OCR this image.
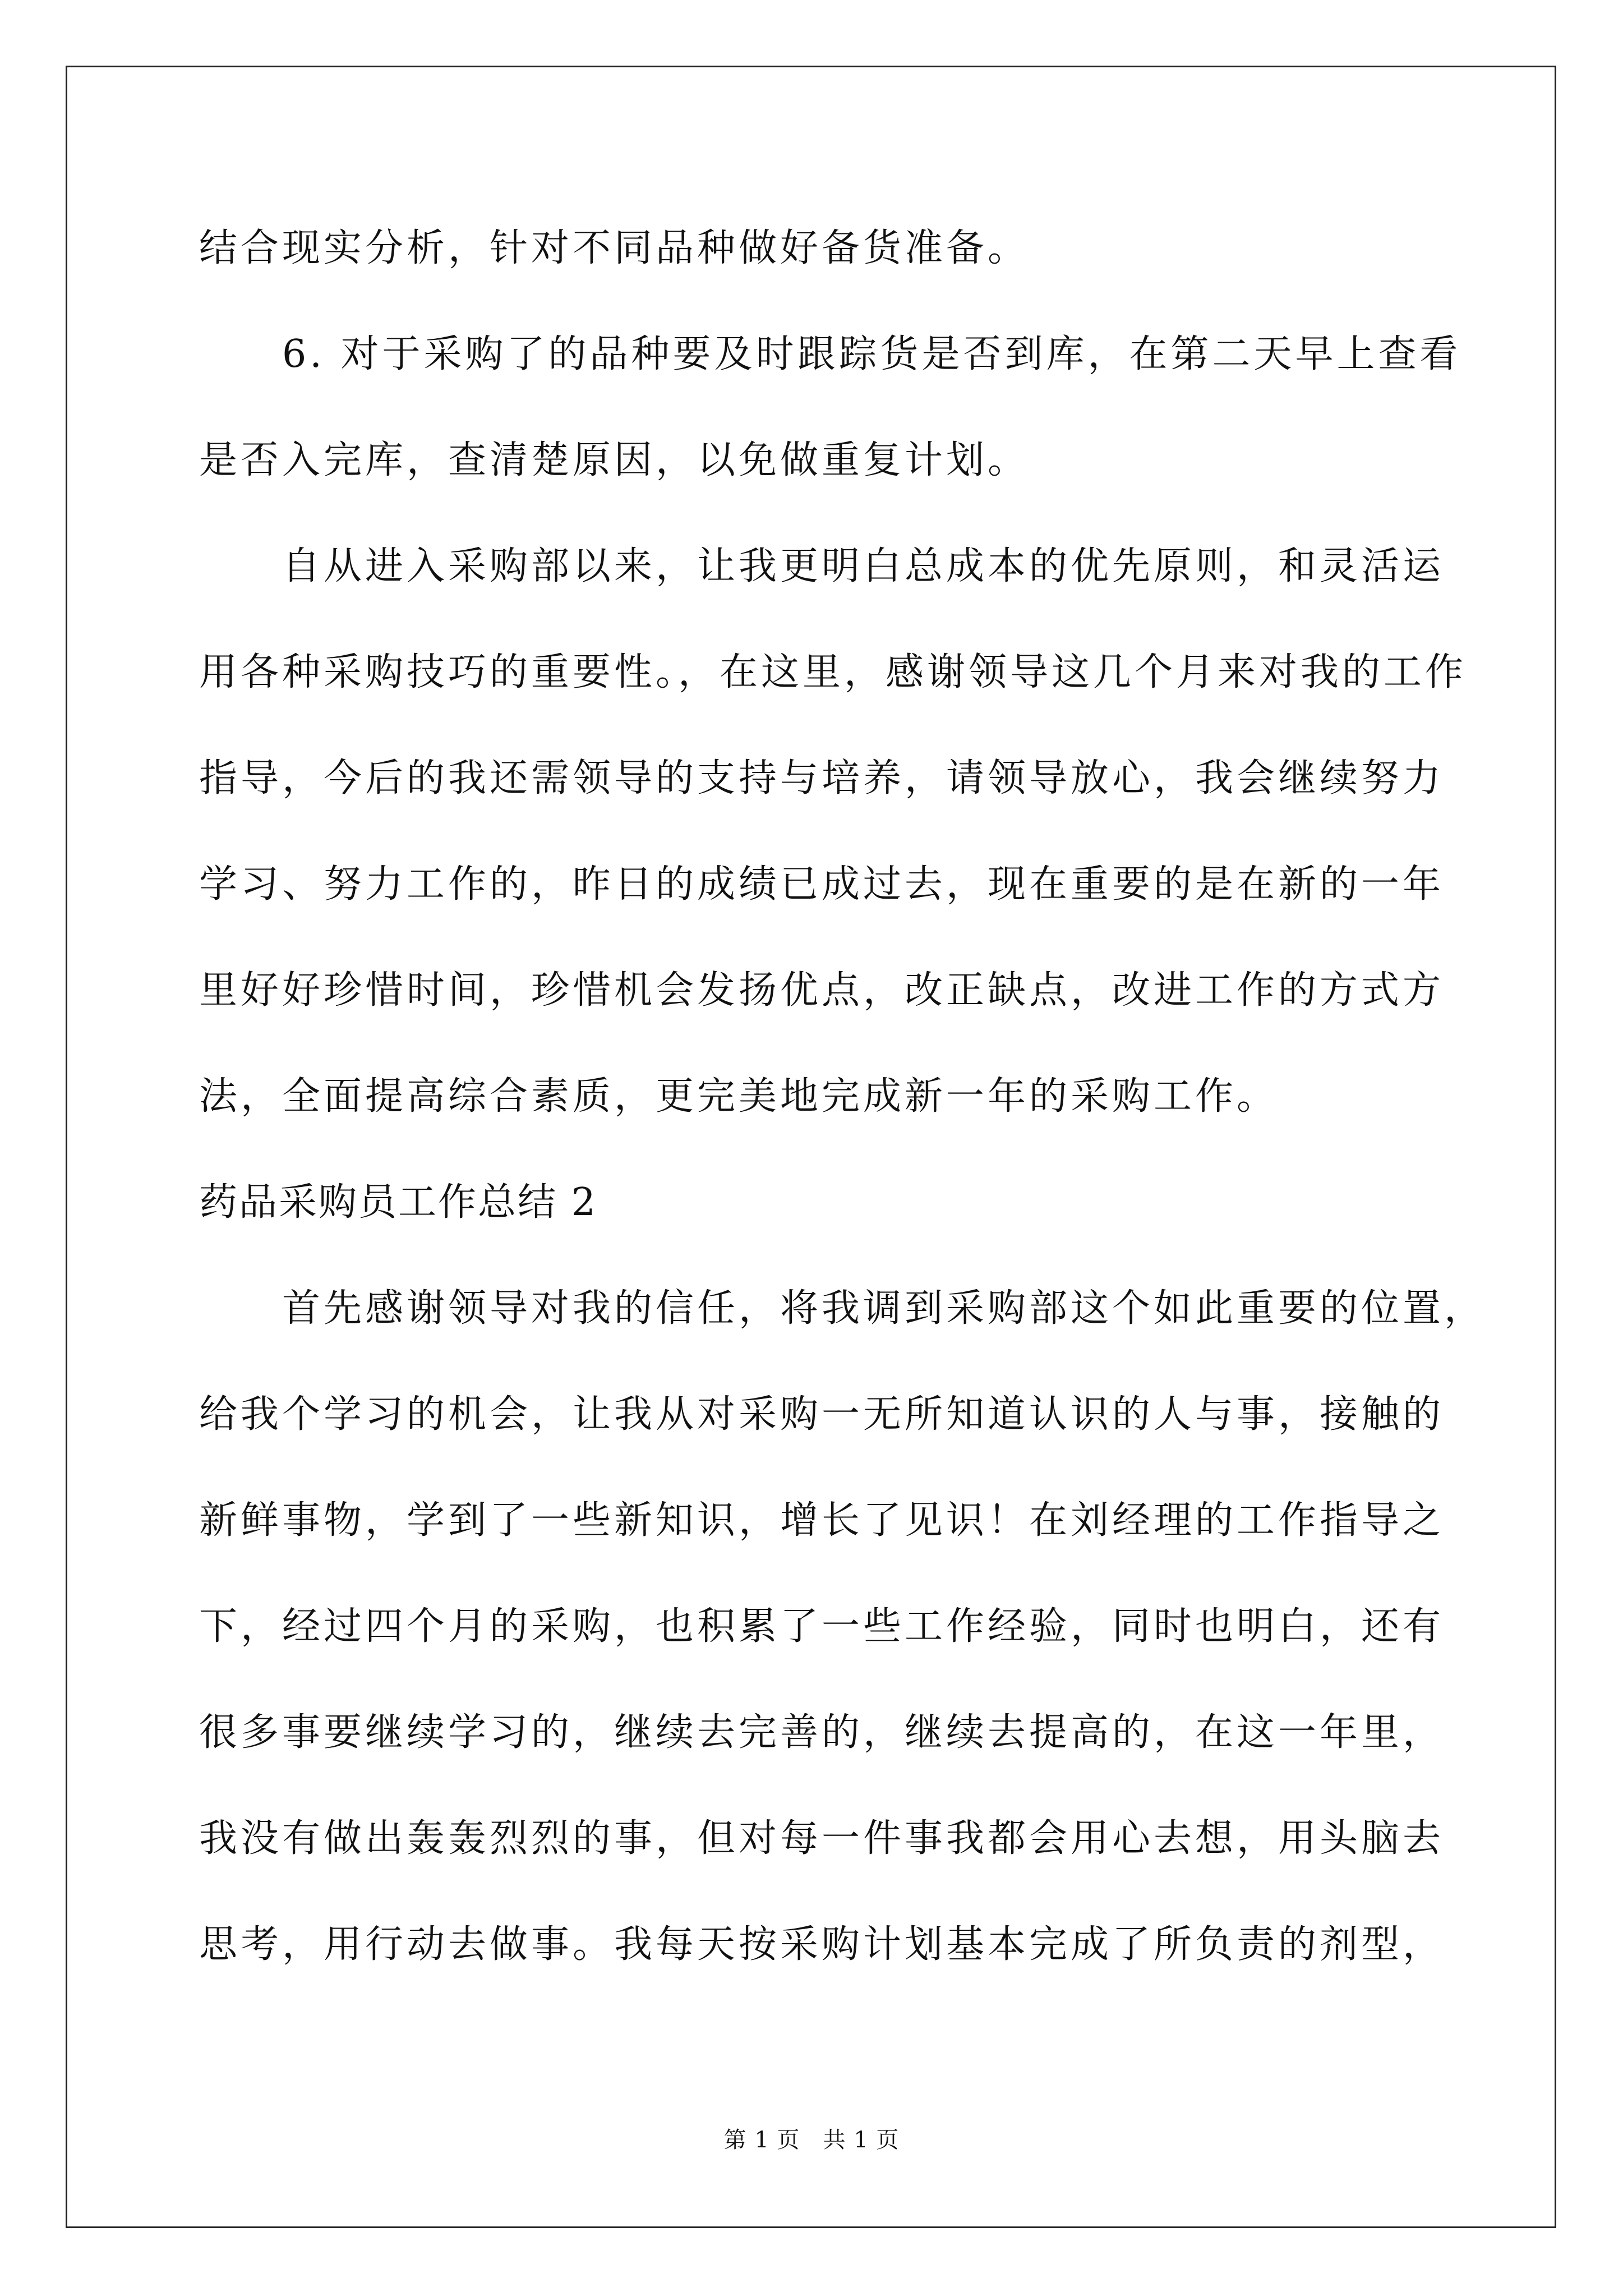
结合现实分析，针对不同品种做好备货准备。
6. 对于采购了的品种要及时跟踪货是否到库，在第二天早上查看
是否入完库，查清楚原因，以免做重复计划。
自从进入采购部以来，让我更明白总成本的优先原则，和灵活运
用各种采购技巧的重要性。，在这里，感谢领导这几个月来对我的工作
指导，今后的我还需领导的支持与培养，请领导放心，我会继续努力
学习、努力工作的，昨日的成绩已成过去，现在重要的是在新的一年
里好好珍惜时间，珍惜机会发扬优点，改正缺点，改进工作的方式方
法，全面提高综合素质，更完美地完成新一年的采购工作。
药品采购员工作总结 2
首先感谢领导对我的信任，将我调到采购部这个如此重要的位置，
给我个学习的机会，让我从对采购一无所知道认识的人与事，接触的
新鲜事物，学到了一些新知识，增长了见识！在刘经理的工作指导之
下，经过四个月的采购，也积累了一些工作经验，同时也明白，还有
很多事要继续学习的，继续去完善的，继续去提高的，在这一年里，
我没有做出轰轰烈烈的事，但对每一件事我都会用心去想，用头脑去
思考，用行动去做事。我每天按采购计划基本完成了所负责的剂型，
第 1 页　共 1 页
